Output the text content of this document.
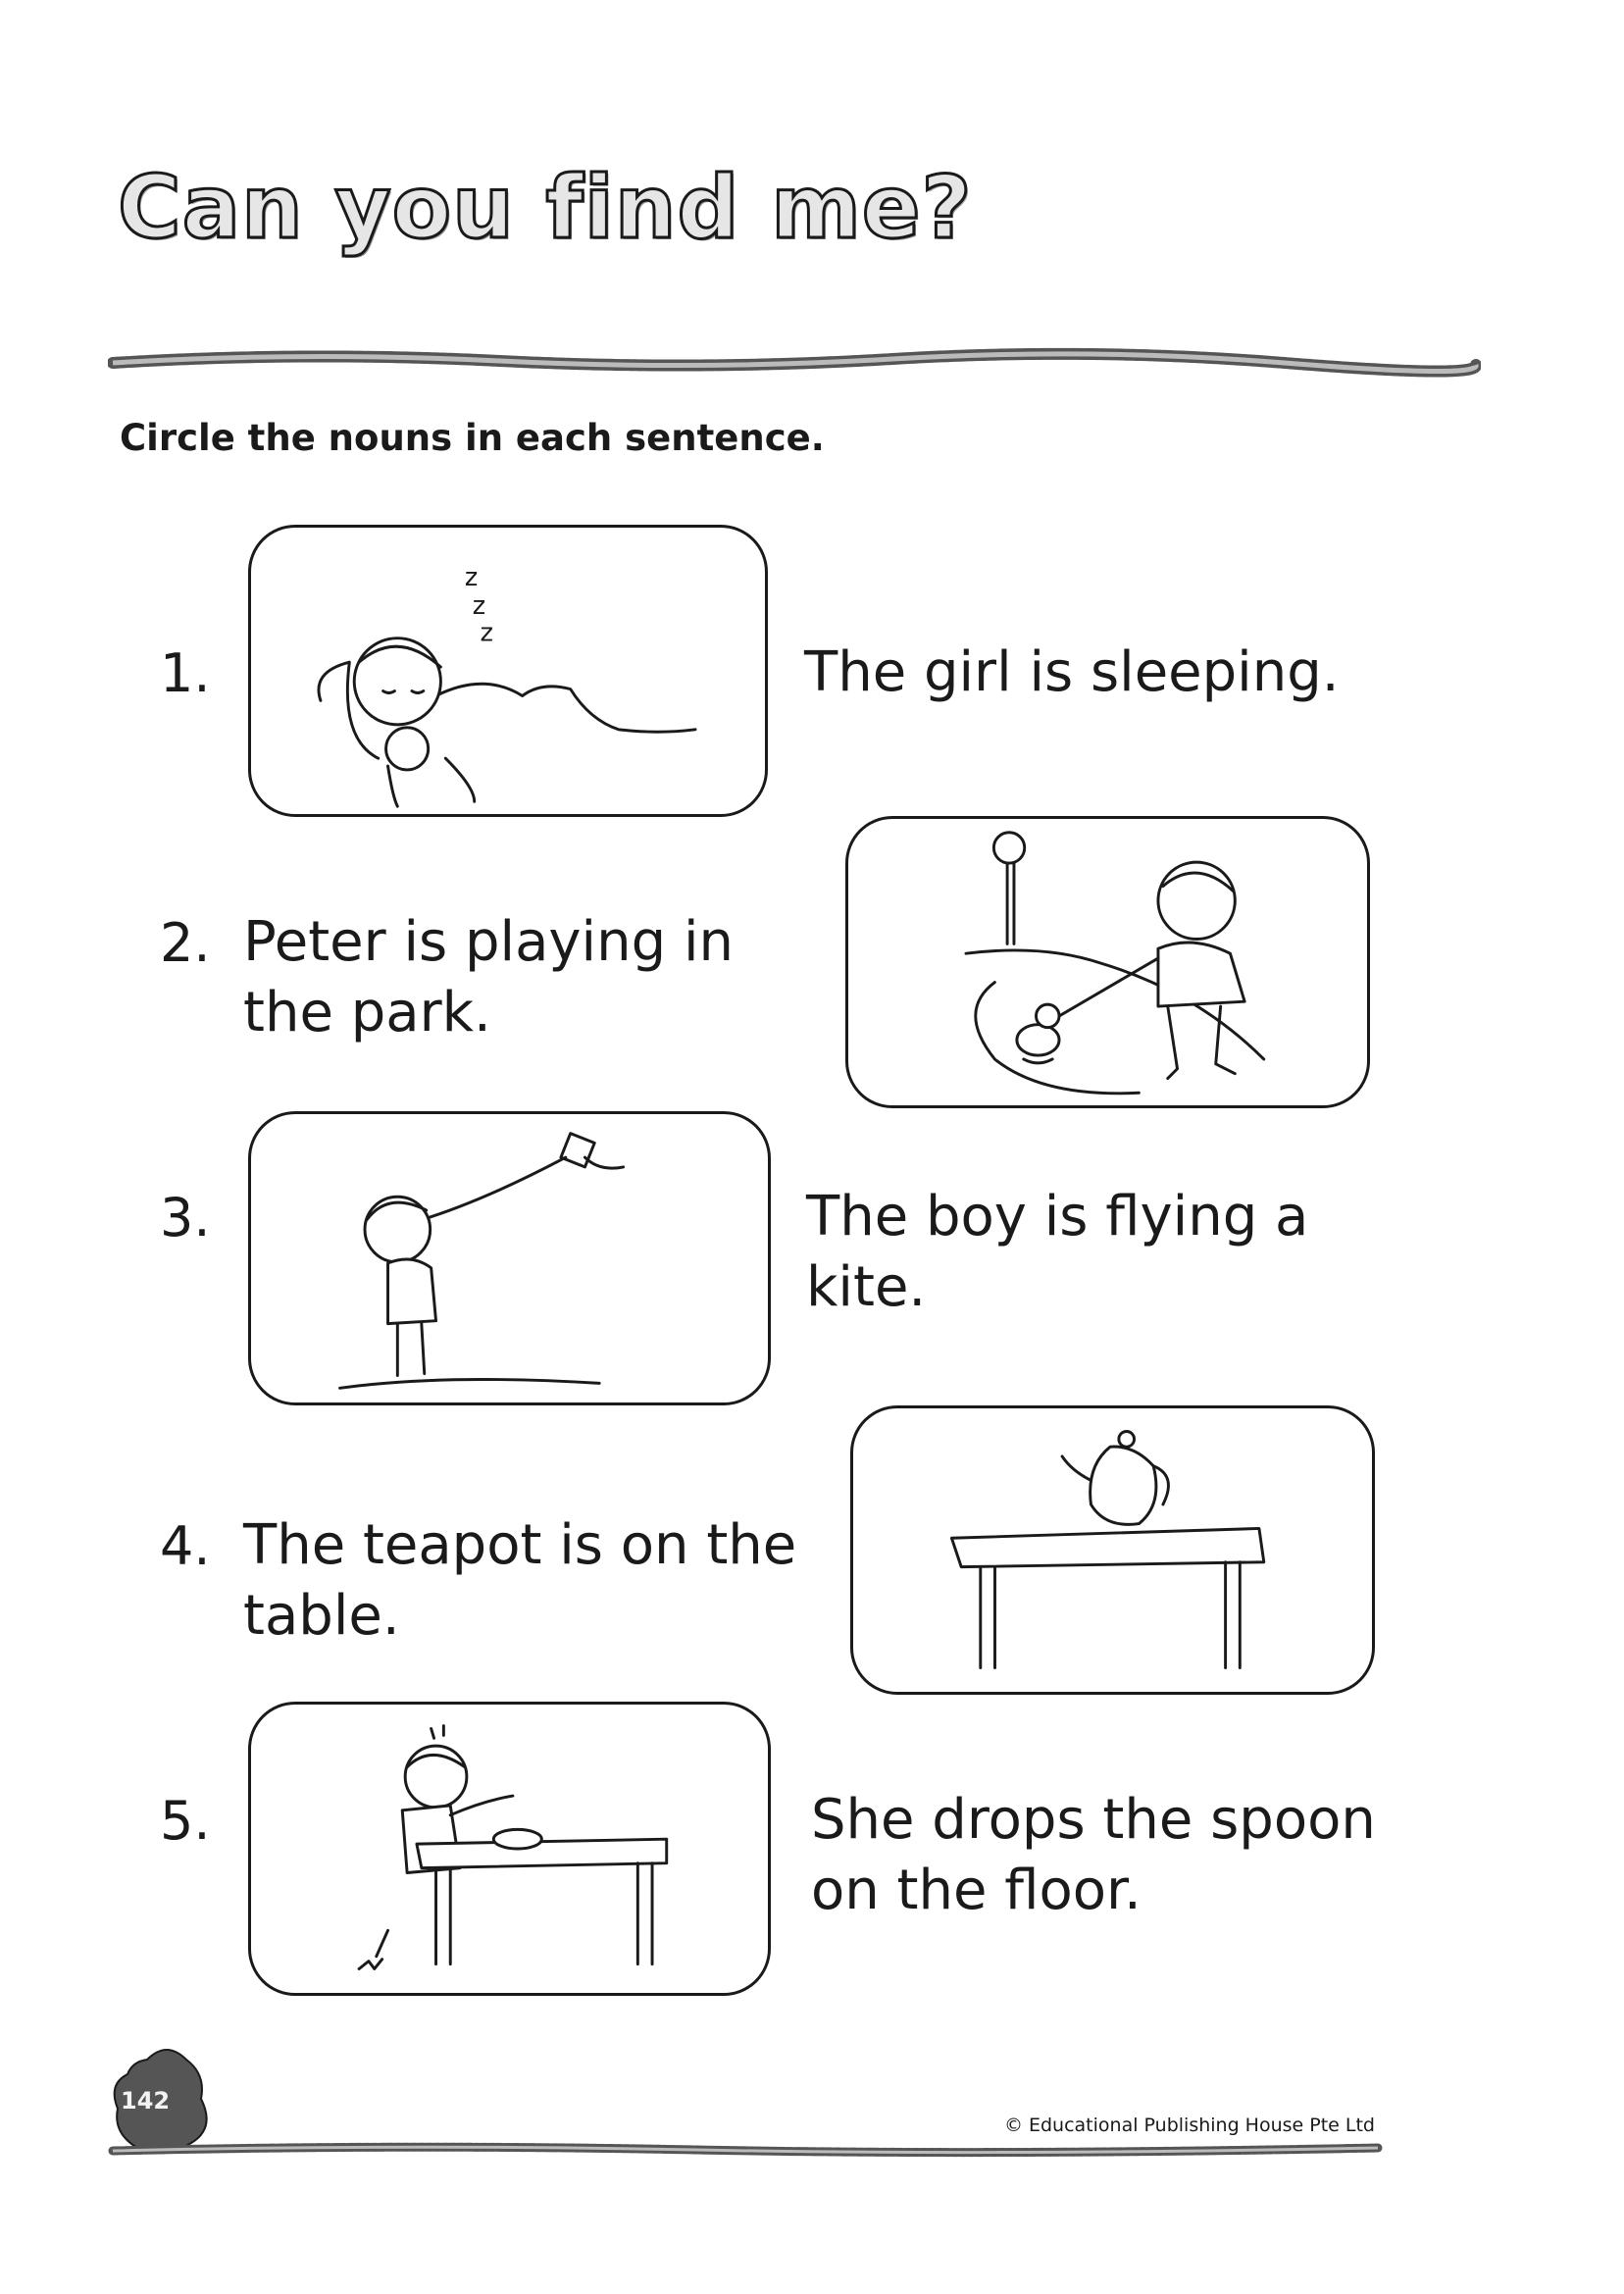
Can you find me?
Circle the nouns in each sentence.
1.
z
z
z
The girl is sleeping.
2. Peter is playing in
the park.
3.	The boy is flying a
kite.
4. The teapot is on the
table.
5.	She drops the spoon
on the floor.
142
© Educational Publishing House Pte Ltd
